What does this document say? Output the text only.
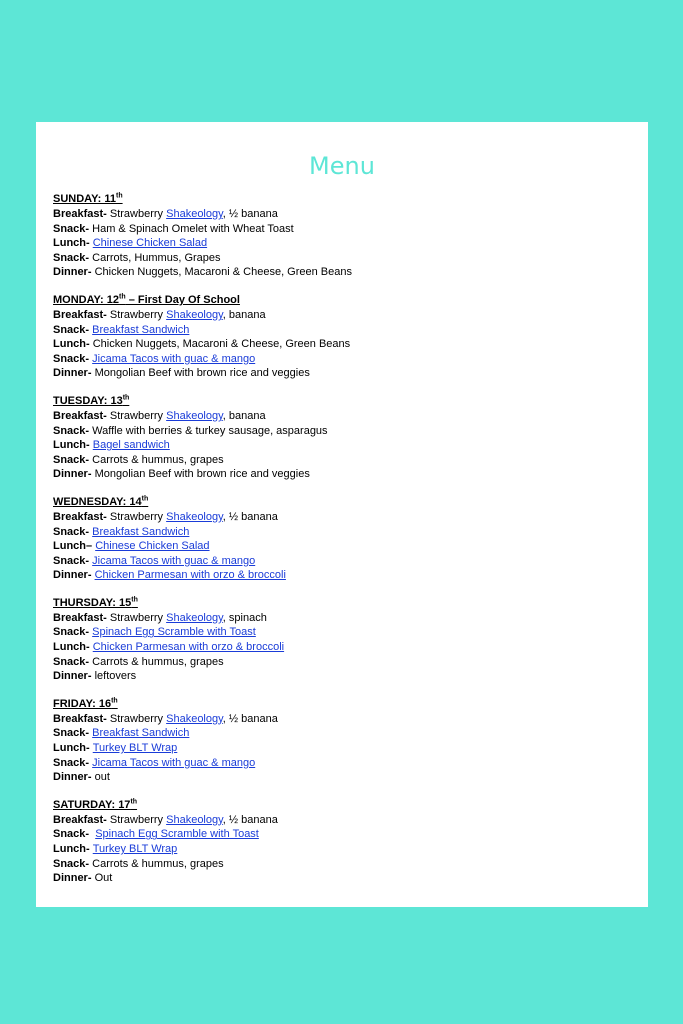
Menu
SUNDAY: 11th
Breakfast- Strawberry Shakeology, ½ banana
Snack- Ham & Spinach Omelet with Wheat Toast
Lunch- Chinese Chicken Salad
Snack- Carrots, Hummus, Grapes
Dinner- Chicken Nuggets, Macaroni & Cheese, Green Beans
MONDAY: 12th – First Day Of School
Breakfast- Strawberry Shakeology, banana
Snack- Breakfast Sandwich
Lunch- Chicken Nuggets, Macaroni & Cheese, Green Beans
Snack- Jicama Tacos with guac & mango
Dinner- Mongolian Beef with brown rice and veggies
TUESDAY: 13th
Breakfast- Strawberry Shakeology, banana
Snack- Waffle with berries & turkey sausage, asparagus
Lunch- Bagel sandwich
Snack- Carrots & hummus, grapes
Dinner- Mongolian Beef with brown rice and veggies
WEDNESDAY: 14th
Breakfast- Strawberry Shakeology, ½ banana
Snack- Breakfast Sandwich
Lunch– Chinese Chicken Salad
Snack- Jicama Tacos with guac & mango
Dinner- Chicken Parmesan with orzo & broccoli
THURSDAY: 15th
Breakfast- Strawberry Shakeology, spinach
Snack- Spinach Egg Scramble with Toast
Lunch- Chicken Parmesan with orzo & broccoli
Snack- Carrots & hummus, grapes
Dinner- leftovers
FRIDAY: 16th
Breakfast- Strawberry Shakeology, ½ banana
Snack- Breakfast Sandwich
Lunch- Turkey BLT Wrap
Snack- Jicama Tacos with guac & mango
Dinner- out
SATURDAY: 17th
Breakfast- Strawberry Shakeology, ½ banana
Snack-  Spinach Egg Scramble with Toast
Lunch- Turkey BLT Wrap
Snack- Carrots & hummus, grapes
Dinner- Out
